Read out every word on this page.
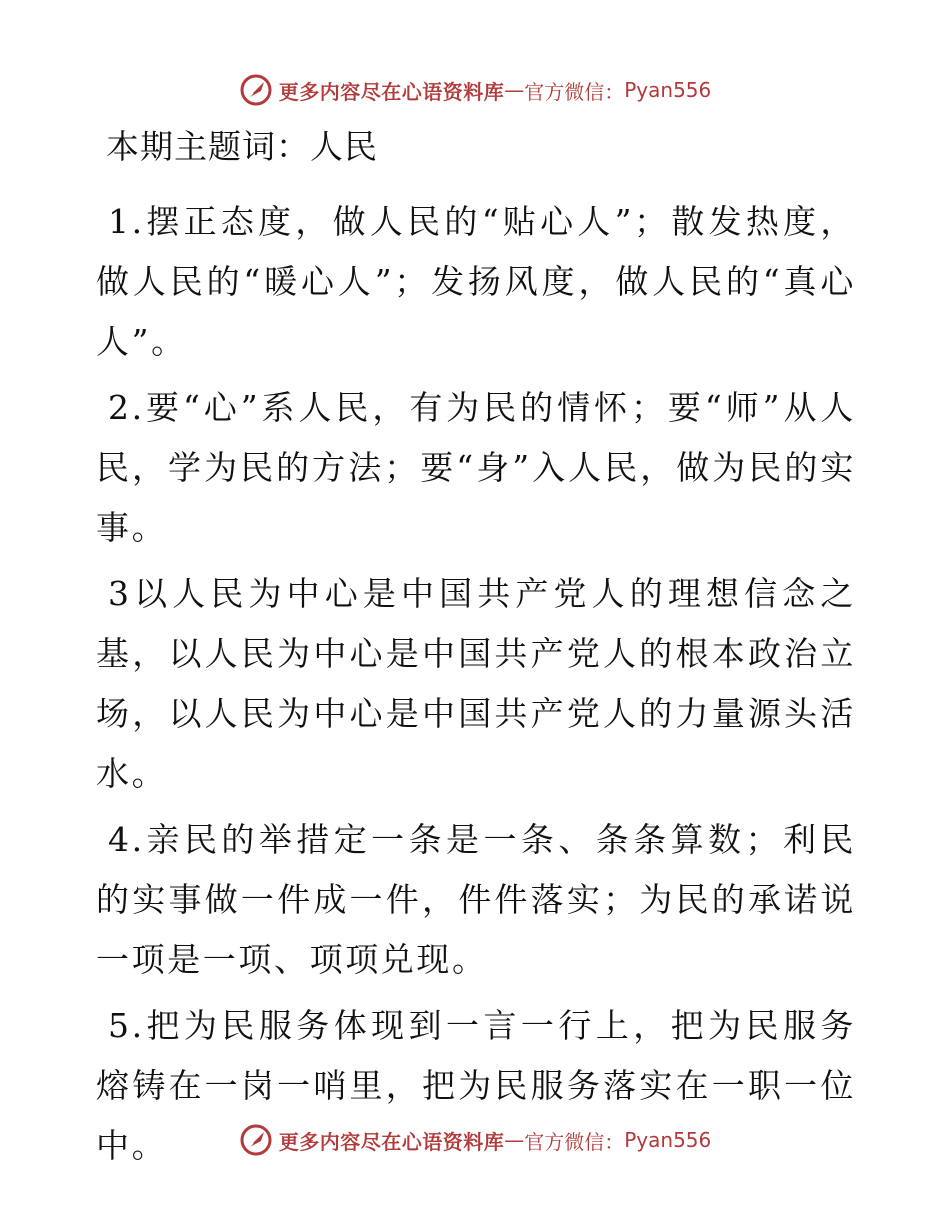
更多内容尽在心语资料库 — 官方微信： Pyan556
本期主题词：人民

1.摆正态度，做人民的“贴心人”；散发热度，做人民的“暖心人”；发扬风度，做人民的“真心人”。

2.要“心”系人民，有为民的情怀；要“师”从人民，学为民的方法；要“身”入人民，做为民的实事。

3以人民为中心是中国共产党人的理想信念之基，以人民为中心是中国共产党人的根本政治立场，以人民为中心是中国共产党人的力量源头活水。

4.亲民的举措定一条是一条、条条算数；利民的实事做一件成一件，件件落实；为民的承诺说一项是一项、项项兑现。

5.把为民服务体现到一言一行上，把为民服务熔铸在一岗一哨里，把为民服务落实在一职一位中。	更多内容尽在心语资料库 — 官方微信： Pyan556
